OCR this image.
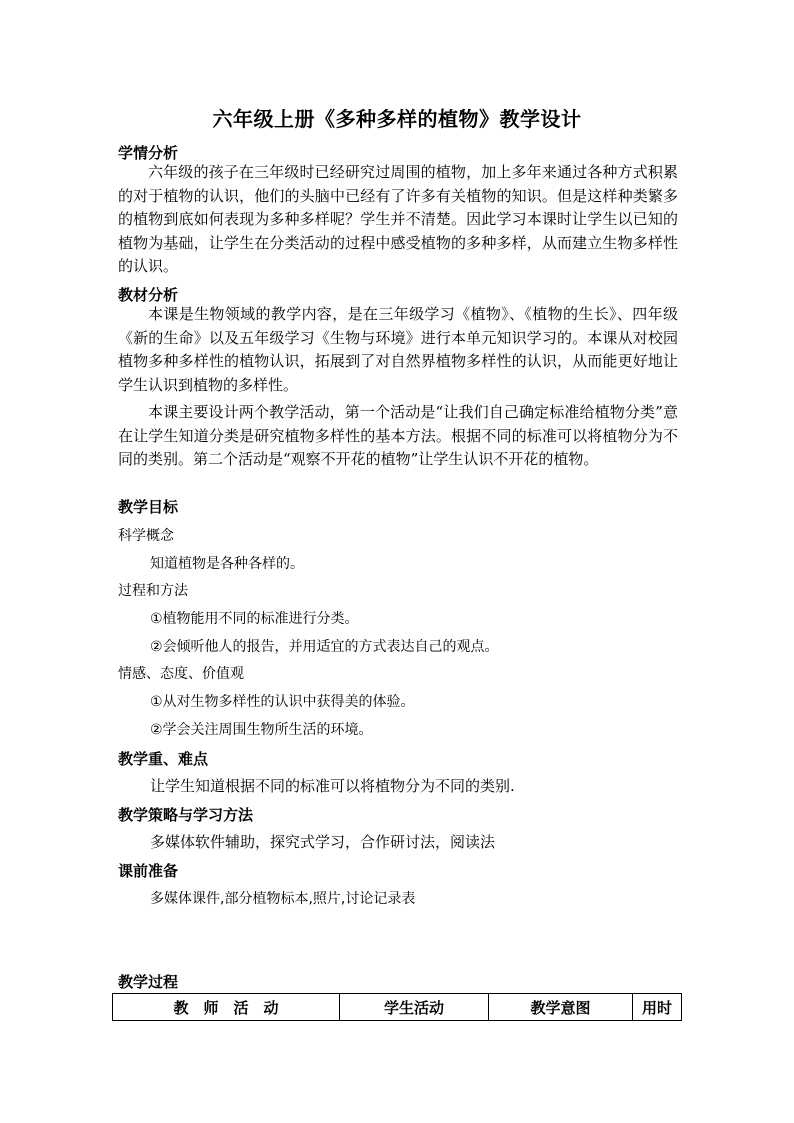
六年级上册《多种多样的植物》教学设计
学情分析
六年级的孩子在三年级时已经研究过周围的植物，加上多年来通过各种方式积累的对于植物的认识，他们的头脑中已经有了许多有关植物的知识。但是这样种类繁多的植物到底如何表现为多种多样呢？学生并不清楚。因此学习本课时让学生以已知的植物为基础，让学生在分类活动的过程中感受植物的多种多样，从而建立生物多样性的认识。
教材分析
本课是生物领域的教学内容，是在三年级学习《植物》、《植物的生长》、四年级《新的生命》以及五年级学习《生物与环境》进行本单元知识学习的。本课从对校园植物多种多样性的植物认识，拓展到了对自然界植物多样性的认识，从而能更好地让学生认识到植物的多样性。
本课主要设计两个教学活动，第一个活动是“让我们自己确定标准给植物分类”意在让学生知道分类是研究植物多样性的基本方法。根据不同的标准可以将植物分为不同的类别。第二个活动是“观察不开花的植物”让学生认识不开花的植物。
教学目标
科学概念
知道植物是各种各样的。
过程和方法
①植物能用不同的标准进行分类。
②会倾听他人的报告，并用适宜的方式表达自己的观点。
情感、态度、价值观
①从对生物多样性的认识中获得美的体验。
②学会关注周围生物所生活的环境。
教学重、难点
让学生知道根据不同的标准可以将植物分为不同的类别.
教学策略与学习方法
多媒体软件辅助，探究式学习，合作研讨法，阅读法
课前准备
多媒体课件,部分植物标本,照片,讨论记录表
教学过程
教　师　活　动	学生活动	教学意图	用时
